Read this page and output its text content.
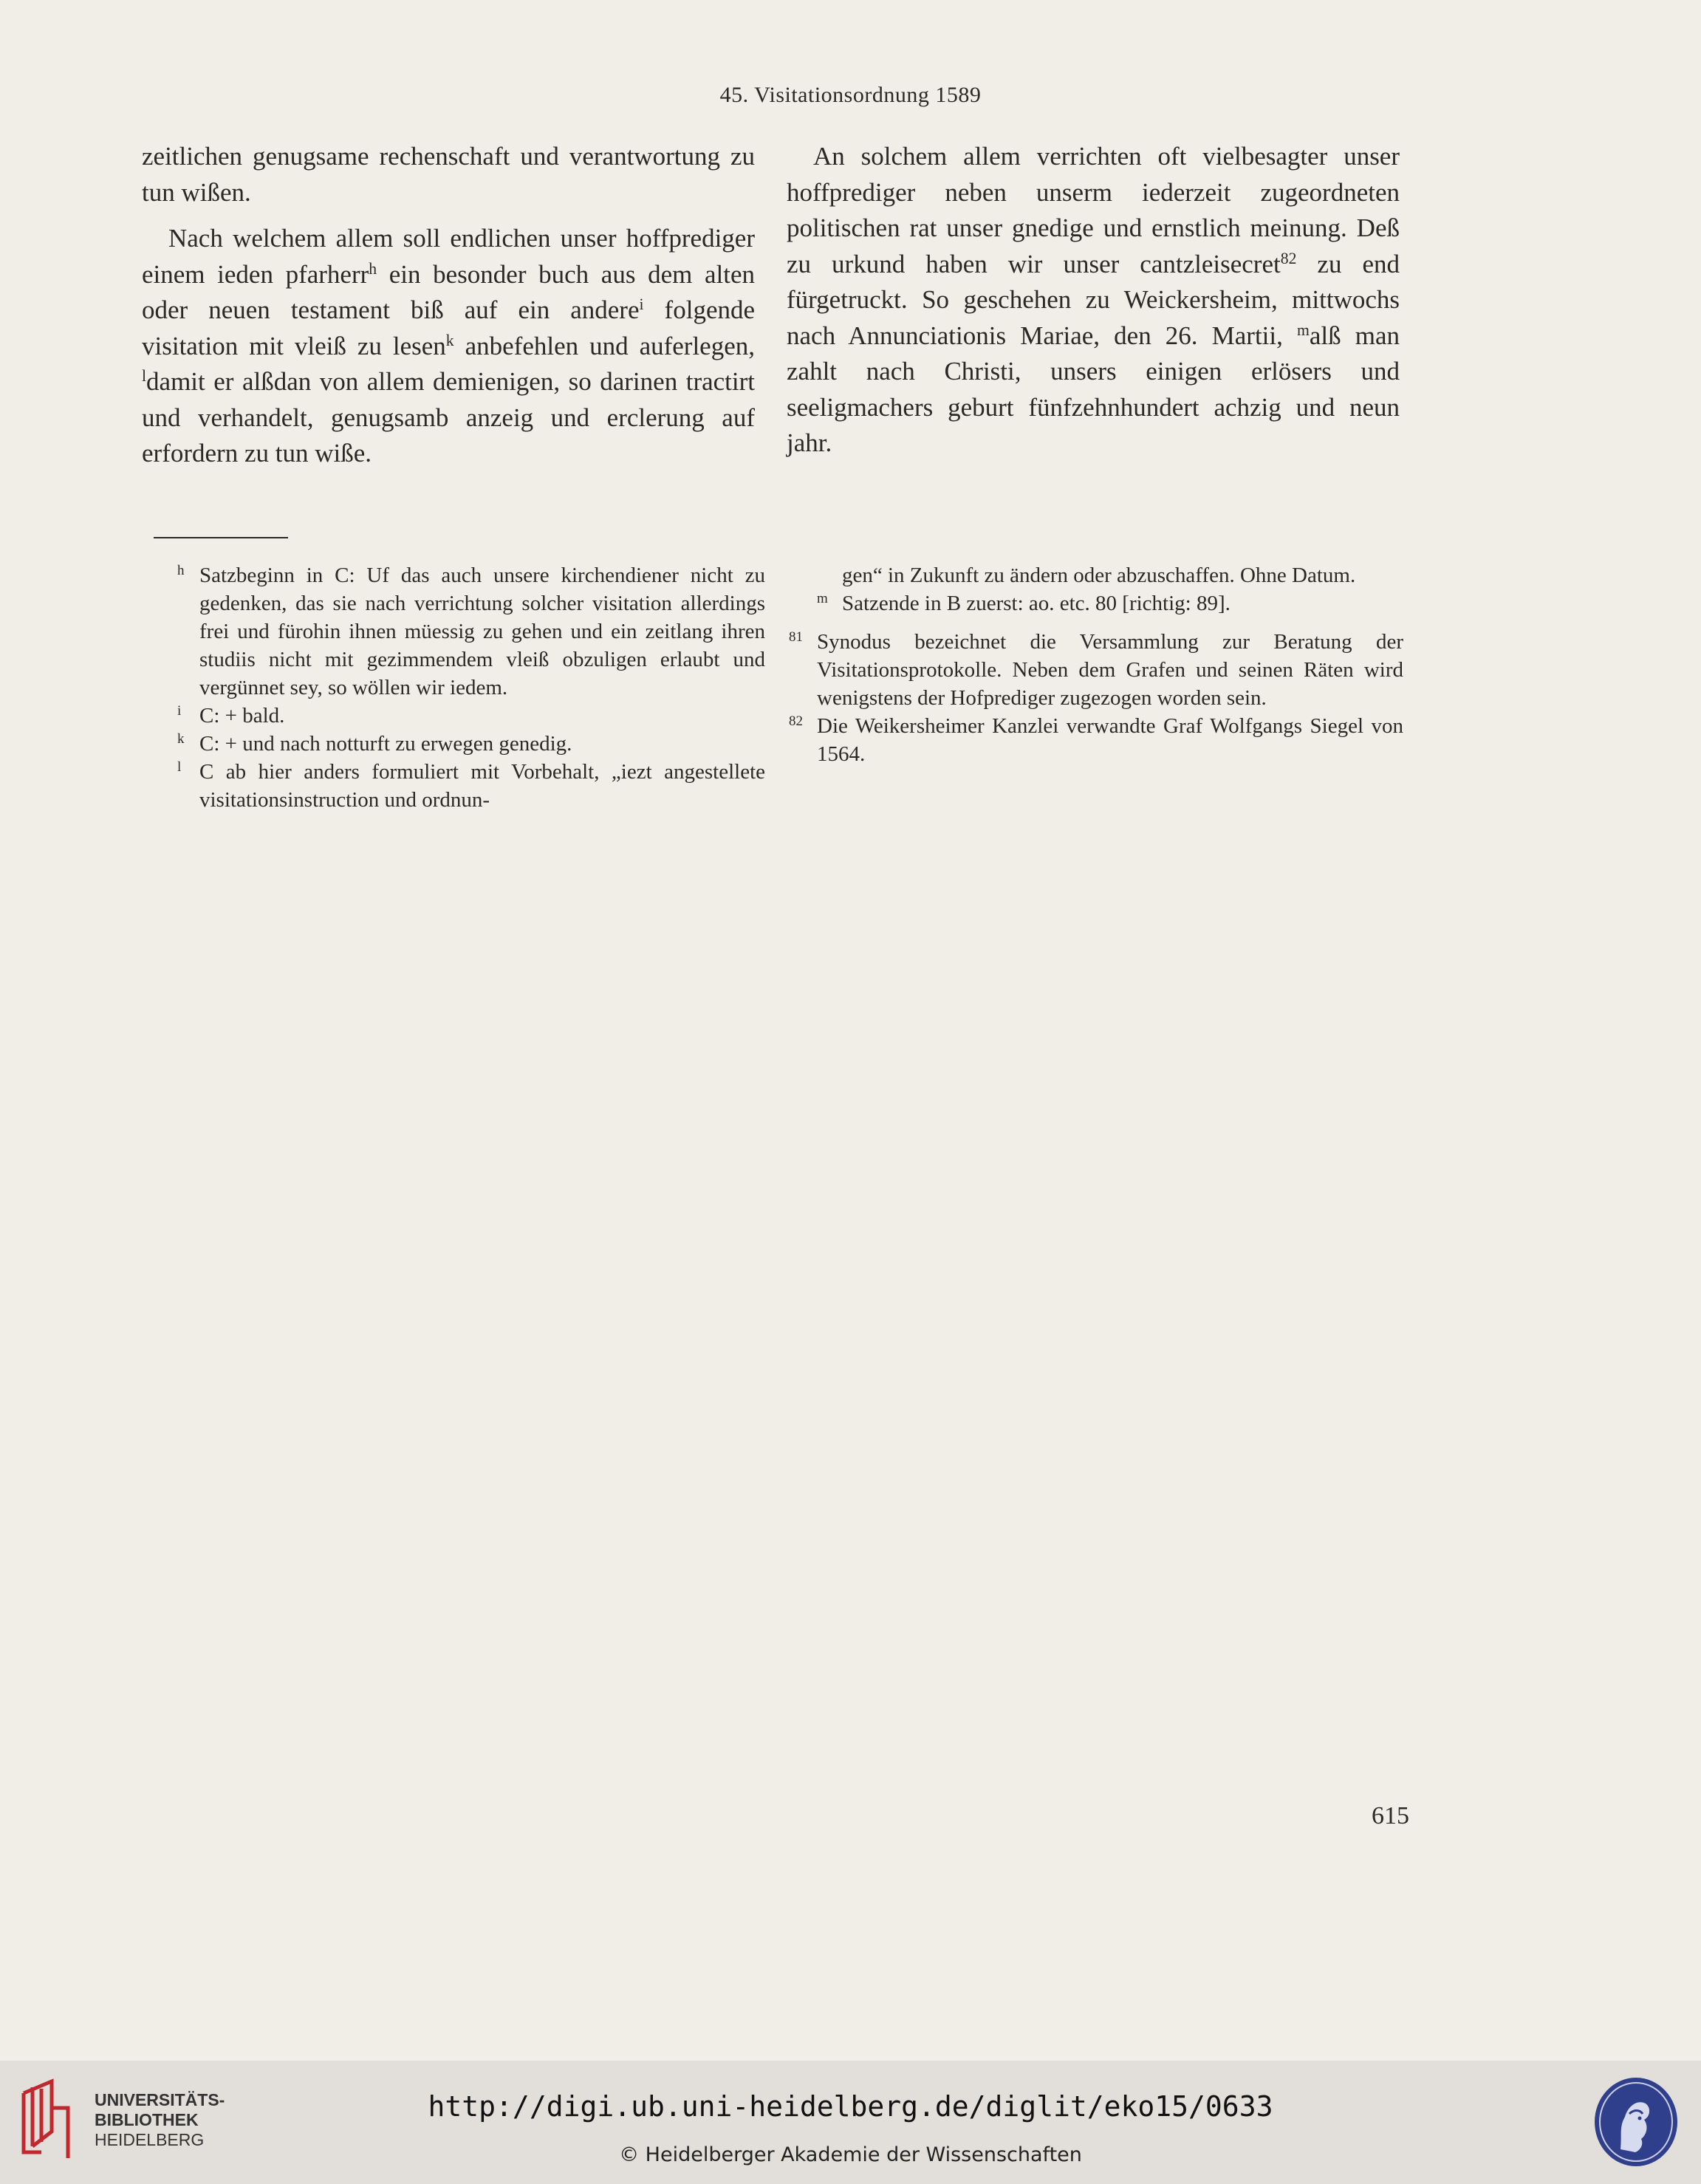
45. Visitationsordnung 1589

zeitlichen genugsame rechenschaft und verantwortung zu tun wißen.

Nach welchem allem soll endlichen unser hoffprediger einem ieden pfarherr$^h$ ein besonder buch aus dem alten oder neuen testament biß auf ein andere$^i$ folgende visitation mit vleiß zu lesen$^k$ anbefehlen und auferlegen, $^l$damit er alßdan von allem demienigen, so darinen tractirt und verhandelt, genugsamb anzeig und erclerung auf erfordern zu tun wiße.

An solchem allem verrichten oft vielbesagter unser hoffprediger neben unserm iederzeit zugeordneten politischen rat unser gnedige und ernstlich meinung. Deß zu urkund haben wir unser cantzleisecret$^{82}$ zu end fürgetruckt. So geschehen zu Weickersheim, mittwochs nach Annunciationis Mariae, den 26. Martii, $^m$alß man zahlt nach Christi, unsers einigen erlösers und seeligmachers geburt fünfzehnhundert achzig und neun jahr.

h Satzbeginn in C: Uf das auch unsere kirchendiener nicht zu gedenken, das sie nach verrichtung solcher visitation allerdings frei und fürohin ihnen müessig zu gehen und ein zeitlang ihren studiis nicht mit gezimmendem vleiß obzuligen erlaubt und vergünnet sey, so wöllen wir iedem.
i C: + bald.
k C: + und nach notturft zu erwegen genedig.
l C ab hier anders formuliert mit Vorbehalt, „iezt angestellete visitationsinstruction und ordnun-
gen“ in Zukunft zu ändern oder abzuschaffen. Ohne Datum.
m Satzende in B zuerst: ao. etc. 80 [richtig: 89].
81 Synodus bezeichnet die Versammlung zur Beratung der Visitationsprotokolle. Neben dem Grafen und seinen Räten wird wenigstens der Hofprediger zugezogen worden sein.
82 Die Weikersheimer Kanzlei verwandte Graf Wolfgangs Siegel von 1564.
615
UNIVERSITÄTS-
BIBLIOTHEK
HEIDELBERG
http://digi.ub.uni-heidelberg.de/diglit/eko15/0633
© Heidelberger Akademie der Wissenschaften
